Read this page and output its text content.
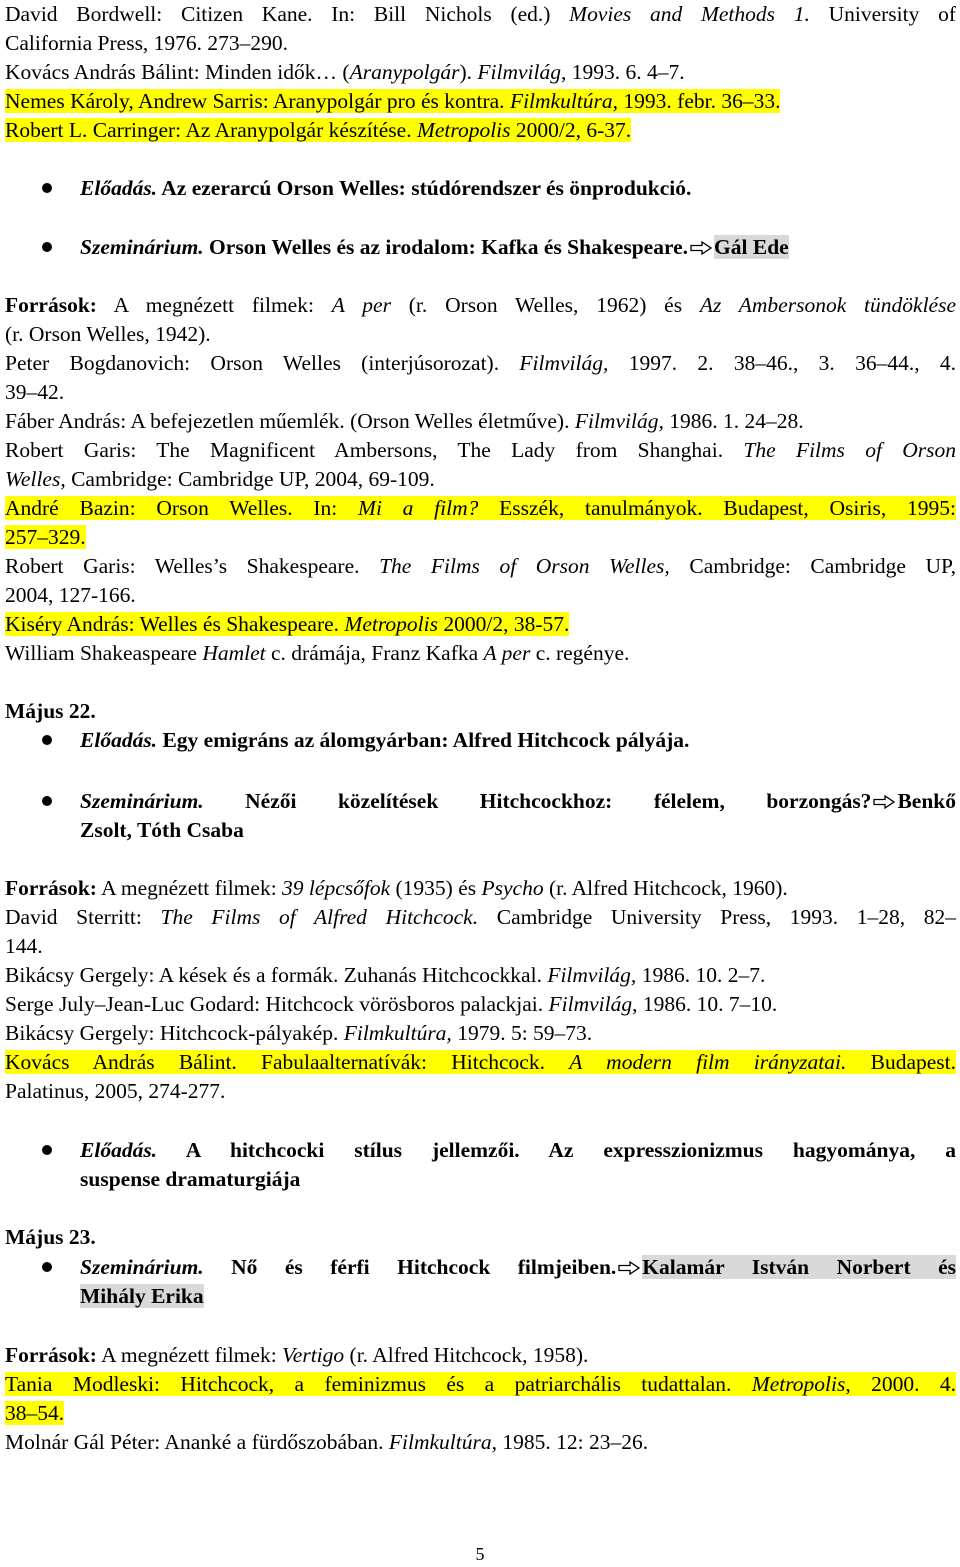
David Bordwell: Citizen Kane. In: Bill Nichols (ed.) Movies and Methods 1. University of
California Press, 1976. 273–290.
Kovács András Bálint: Minden idők… (Aranypolgár). Filmvilág, 1993. 6. 4–7.
Nemes Károly, Andrew Sarris: Aranypolgár pro és kontra. Filmkultúra, 1993. febr. 36–33.
Robert L. Carringer: Az Aranypolgár készítése. Metropolis 2000/2, 6-37.
Előadás. Az ezerarcú Orson Welles: stúdórendszer és önprodukció.
Szeminárium. Orson Welles és az irodalom: Kafka és Shakespeare. Gál Ede
Források: A megnézett filmek: A per (r. Orson Welles, 1962) és Az Ambersonok tündöklése
(r. Orson Welles, 1942).
Peter Bogdanovich: Orson Welles (interjúsorozat). Filmvilág, 1997. 2. 38–46., 3. 36–44., 4.
39–42.
Fáber András: A befejezetlen műemlék. (Orson Welles életműve). Filmvilág, 1986. 1. 24–28.
Robert Garis: The Magnificent Ambersons, The Lady from Shanghai. The Films of Orson
Welles, Cambridge: Cambridge UP, 2004, 69-109.
André Bazin: Orson Welles. In: Mi a film? Esszék, tanulmányok. Budapest, Osiris, 1995:
257–329.
Robert Garis: Welles’s Shakespeare. The Films of Orson Welles, Cambridge: Cambridge UP,
2004, 127-166.
Kiséry András: Welles és Shakespeare. Metropolis 2000/2, 38-57.
William Shakeaspeare Hamlet c. drámája, Franz Kafka A per c. regénye.
Május 22.
Előadás. Egy emigráns az álomgyárban: Alfred Hitchcock pályája.
Szeminárium. Nézői közelítések Hitchcockhoz: félelem, borzongás? Benkő
Zsolt, Tóth Csaba
Források: A megnézett filmek: 39 lépcsőfok (1935) és Psycho (r. Alfred Hitchcock, 1960).
David Sterritt: The Films of Alfred Hitchcock. Cambridge University Press, 1993. 1–28, 82–
144.
Bikácsy Gergely: A kések és a formák. Zuhanás Hitchcockkal. Filmvilág, 1986. 10. 2–7.
Serge July–Jean-Luc Godard: Hitchcock vörösboros palackjai. Filmvilág, 1986. 10. 7–10.
Bikácsy Gergely: Hitchcock-pályakép. Filmkultúra, 1979. 5: 59–73.
Kovács András Bálint. Fabulaalternatívák: Hitchcock. A modern film irányzatai. Budapest.
Palatinus, 2005, 274-277.
Előadás. A hitchcocki stílus jellemzői. Az expresszionizmus hagyománya, a
suspense dramaturgiája
Május 23.
Szeminárium. Nő és férfi Hitchcock filmjeiben. Kalamár István Norbert és
Mihály Erika
Források: A megnézett filmek: Vertigo (r. Alfred Hitchcock, 1958).
Tania Modleski: Hitchcock, a feminizmus és a patriarchális tudattalan. Metropolis, 2000. 4.
38–54.
Molnár Gál Péter: Ananké a fürdőszobában. Filmkultúra, 1985. 12: 23–26.
5
